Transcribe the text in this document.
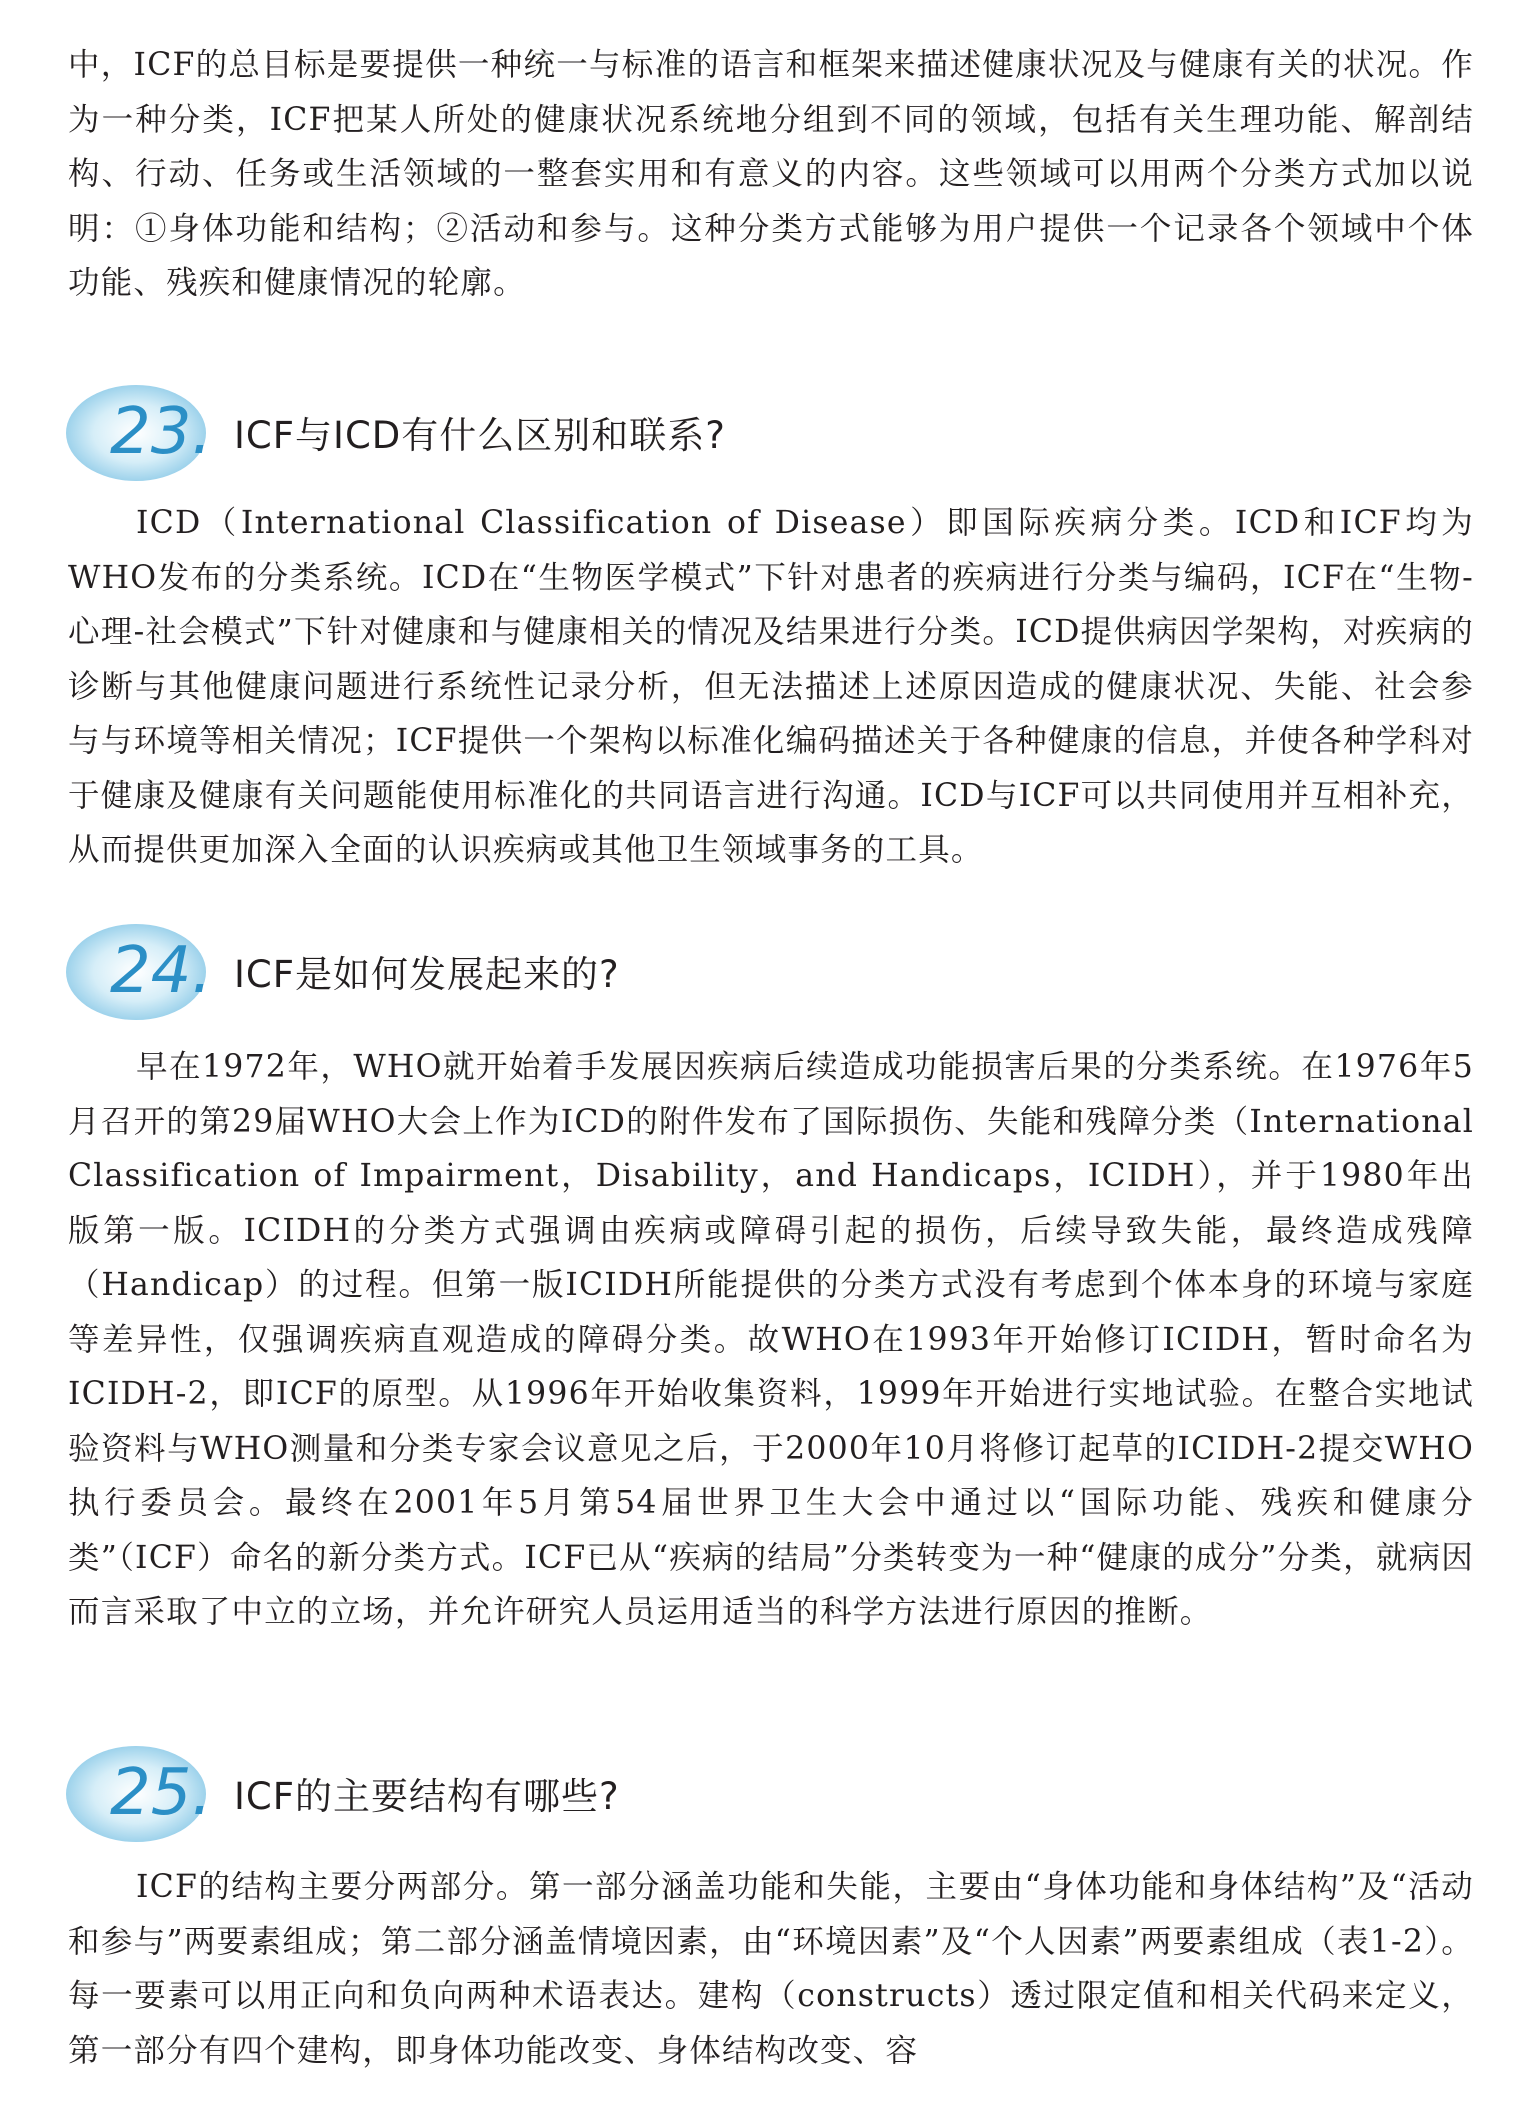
中，ICF的总目标是要提供一种统一与标准的语言和框架来描述健康状况及与健康有关的状况。作为一种分类，ICF把某人所处的健康状况系统地分组到不同的领域，包括有关生理功能、解剖结构、行动、任务或生活领域的一整套实用和有意义的内容。这些领域可以用两个分类方式加以说明：①身体功能和结构；②活动和参与。这种分类方式能够为用户提供一个记录各个领域中个体功能、残疾和健康情况的轮廓。

23. ICF与ICD有什么区别和联系?

ICD（International Classification of Disease）即国际疾病分类。ICD和ICF均为WHO发布的分类系统。ICD在“生物医学模式”下针对患者的疾病进行分类与编码，ICF在“生物-心理-社会模式”下针对健康和与健康相关的情况及结果进行分类。ICD提供病因学架构，对疾病的诊断与其他健康问题进行系统性记录分析，但无法描述上述原因造成的健康状况、失能、社会参与与环境等相关情况；ICF提供一个架构以标准化编码描述关于各种健康的信息，并使各种学科对于健康及健康有关问题能使用标准化的共同语言进行沟通。ICD与ICF可以共同使用并互相补充，从而提供更加深入全面的认识疾病或其他卫生领域事务的工具。

24. ICF是如何发展起来的?

早在1972年，WHO就开始着手发展因疾病后续造成功能损害后果的分类系统。在1976年5月召开的第29届WHO大会上作为ICD的附件发布了国际损伤、失能和残障分类（International Classification of Impairment，Disability，and Handicaps，ICIDH），并于1980年出版第一版。ICIDH的分类方式强调由疾病或障碍引起的损伤，后续导致失能，最终造成残障（Handicap）的过程。但第一版ICIDH所能提供的分类方式没有考虑到个体本身的环境与家庭等差异性，仅强调疾病直观造成的障碍分类。故WHO在1993年开始修订ICIDH，暂时命名为ICIDH-2，即ICF的原型。从1996年开始收集资料，1999年开始进行实地试验。在整合实地试验资料与WHO测量和分类专家会议意见之后，于2000年10月将修订起草的ICIDH-2提交WHO执行委员会。最终在2001年5月第54届世界卫生大会中通过以“国际功能、残疾和健康分类”（ICF）命名的新分类方式。ICF已从“疾病的结局”分类转变为一种“健康的成分”分类，就病因而言采取了中立的立场，并允许研究人员运用适当的科学方法进行原因的推断。

25. ICF的主要结构有哪些?

ICF的结构主要分两部分。第一部分涵盖功能和失能，主要由“身体功能和身体结构”及“活动和参与”两要素组成；第二部分涵盖情境因素，由“环境因素”及“个人因素”两要素组成（表1-2）。每一要素可以用正向和负向两种术语表达。建构（constructs）透过限定值和相关代码来定义，第一部分有四个建构，即身体功能改变、身体结构改变、容
